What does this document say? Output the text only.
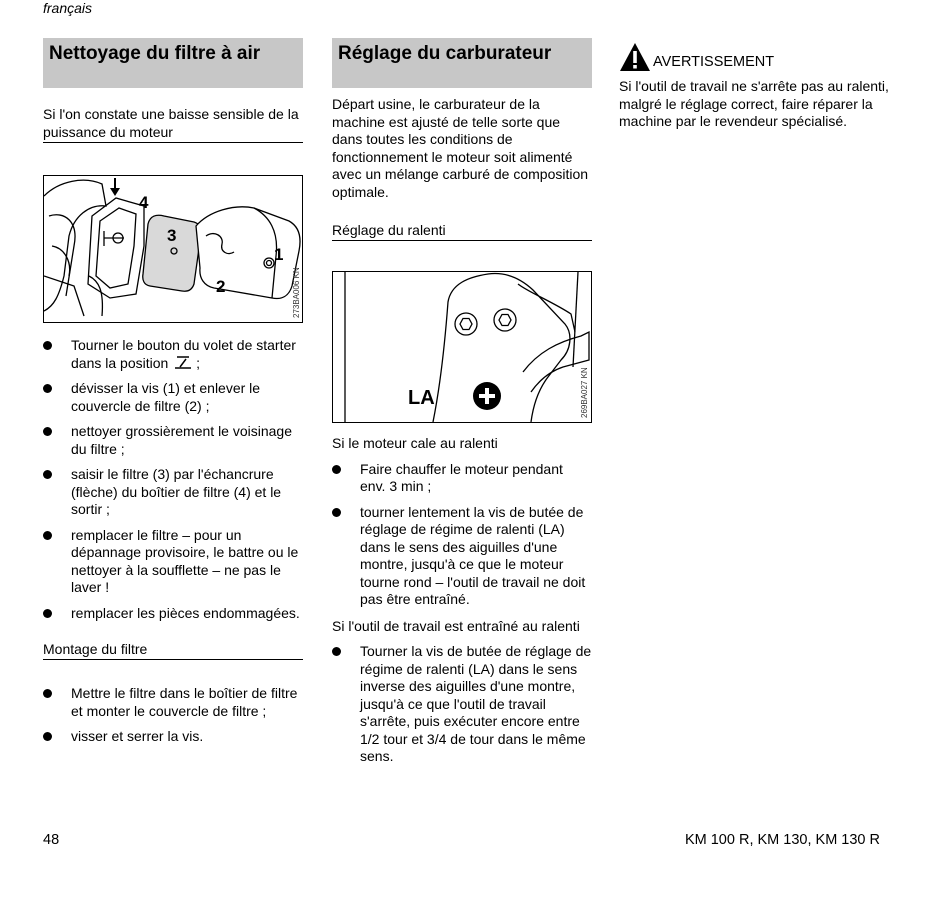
français
Nettoyage du filtre à air
Si l'on constate une baisse sensible de la puissance du moteur
4
3
2
1
273BA006 KN
Tourner le bouton du volet de starter dans la position ;
dévisser la vis (1) et enlever le couvercle de filtre (2) ;
nettoyer grossièrement le voisinage du filtre ;
saisir le filtre (3) par l'échancrure (flèche) du boîtier de filtre (4) et le sortir ;
remplacer le filtre – pour un dépannage provisoire, le battre ou le nettoyer à la soufflette – ne pas le laver !
remplacer les pièces endommagées.
Montage du filtre
Mettre le filtre dans le boîtier de filtre et monter le couvercle de filtre ;
visser et serrer la vis.
Réglage du carburateur

Départ usine, le carburateur de la machine est ajusté de telle sorte que dans toutes les conditions de fonctionnement le moteur soit alimenté avec un mélange carburé de composition optimale.

Réglage du ralenti
LA	269BA027 KN
Si le moteur cale au ralenti
Faire chauffer le moteur pendant env. 3 min ;
tourner lentement la vis de butée de réglage de régime de ralenti (LA) dans le sens des aiguilles d'une montre, jusqu'à ce que le moteur tourne rond – l'outil de travail ne doit pas être entraîné.
Si l'outil de travail est entraîné au ralenti
Tourner la vis de butée de réglage de régime de ralenti (LA) dans le sens inverse des aiguilles d'une montre, jusqu'à ce que l'outil de travail s'arrête, puis exécuter encore entre 1/2 tour et 3/4 de tour dans le même sens.
AVERTISSEMENT

Si l'outil de travail ne s'arrête pas au ralenti, malgré le réglage correct, faire réparer la machine par le revendeur spécialisé.

48	KM 100 R, KM 130, KM 130 R
